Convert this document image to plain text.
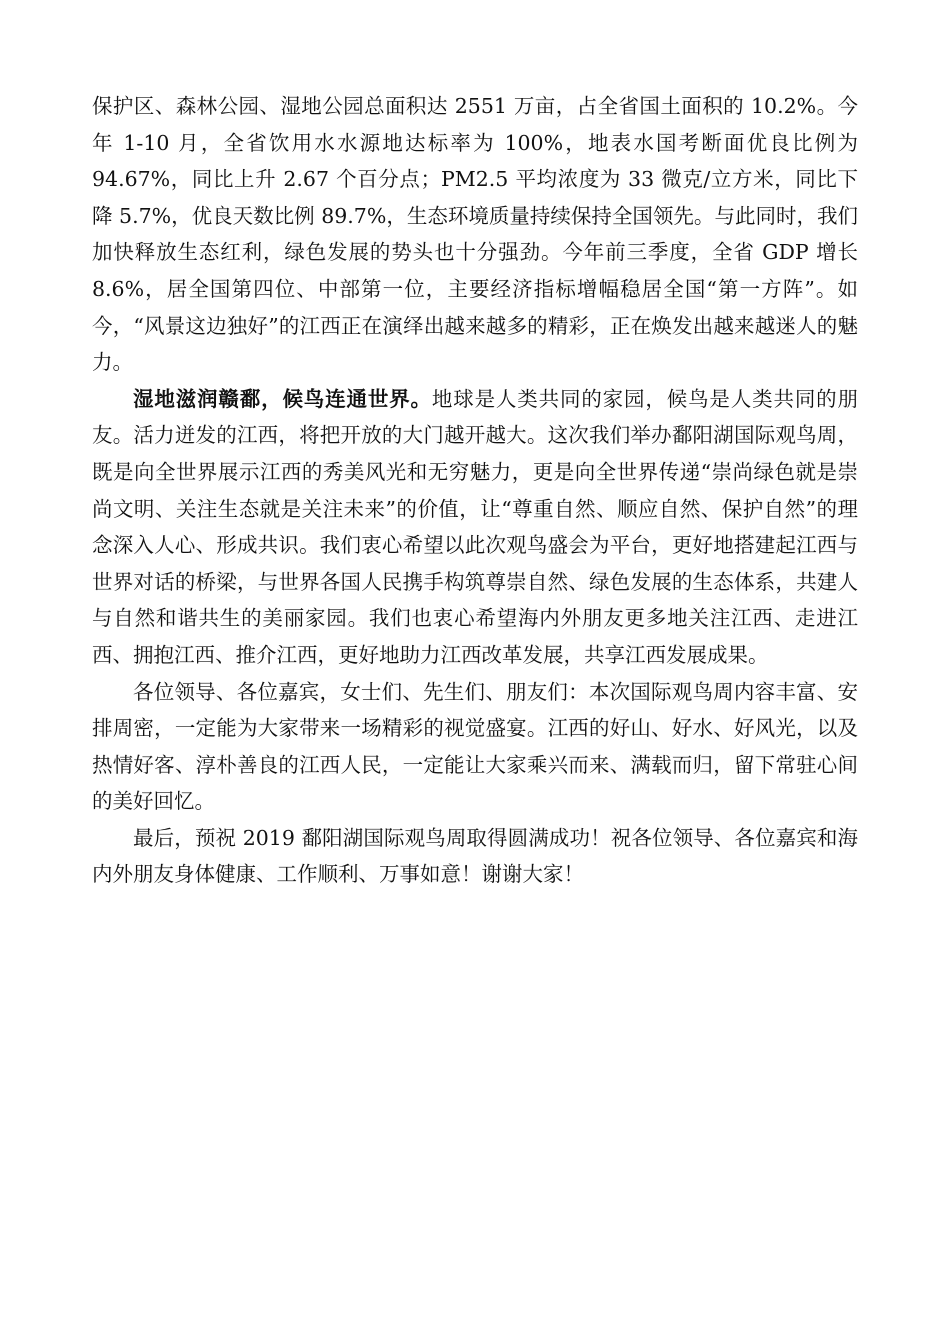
保护区、森林公园、湿地公园总面积达 2551 万亩，占全省国土面积的 10.2%。今年 1-10 月，全省饮用水水源地达标率为 100%，地表水国考断面优良比例为 94.67%，同比上升 2.67 个百分点；PM2.5 平均浓度为 33 微克/立方米，同比下降 5.7%，优良天数比例 89.7%，生态环境质量持续保持全国领先。与此同时，我们加快释放生态红利，绿色发展的势头也十分强劲。今年前三季度，全省 GDP 增长 8.6%，居全国第四位、中部第一位，主要经济指标增幅稳居全国“第一方阵”。如今，“风景这边独好”的江西正在演绎出越来越多的精彩，正在焕发出越来越迷人的魅力。

湿地滋润赣鄱，候鸟连通世界。地球是人类共同的家园，候鸟是人类共同的朋友。活力迸发的江西，将把开放的大门越开越大。这次我们举办鄱阳湖国际观鸟周，既是向全世界展示江西的秀美风光和无穷魅力，更是向全世界传递“崇尚绿色就是崇尚文明、关注生态就是关注未来”的价值，让“尊重自然、顺应自然、保护自然”的理念深入人心、形成共识。我们衷心希望以此次观鸟盛会为平台，更好地搭建起江西与世界对话的桥梁，与世界各国人民携手构筑尊崇自然、绿色发展的生态体系，共建人与自然和谐共生的美丽家园。我们也衷心希望海内外朋友更多地关注江西、走进江西、拥抱江西、推介江西，更好地助力江西改革发展，共享江西发展成果。

各位领导、各位嘉宾，女士们、先生们、朋友们：本次国际观鸟周内容丰富、安排周密，一定能为大家带来一场精彩的视觉盛宴。江西的好山、好水、好风光，以及热情好客、淳朴善良的江西人民，一定能让大家乘兴而来、满载而归，留下常驻心间的美好回忆。

最后，预祝 2019 鄱阳湖国际观鸟周取得圆满成功！祝各位领导、各位嘉宾和海内外朋友身体健康、工作顺利、万事如意！谢谢大家！
